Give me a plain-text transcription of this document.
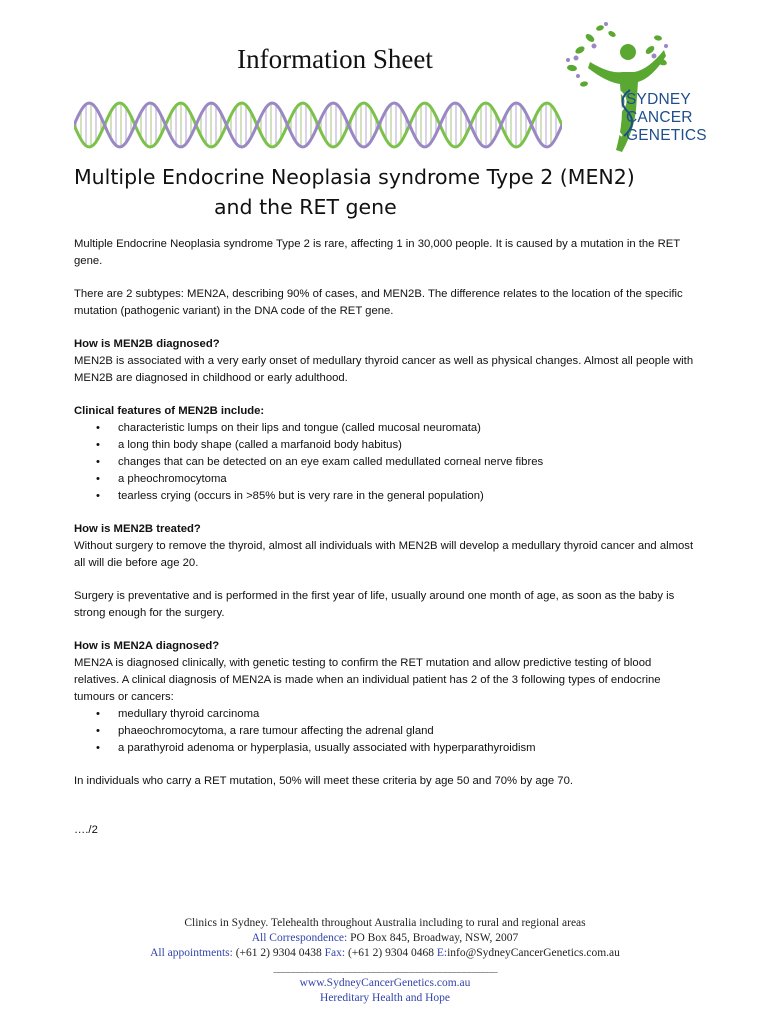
Information Sheet
SYDNEY
CANCER
GENETICS
Multiple Endocrine Neoplasia syndrome Type 2 (MEN2)
and the RET gene

Multiple Endocrine Neoplasia syndrome Type 2 is rare, affecting 1 in 30,000 people. It is caused by a mutation in the RET gene.

There are 2 subtypes: MEN2A, describing 90% of cases, and MEN2B. The difference relates to the location of the specific mutation (pathogenic variant) in the DNA code of the RET gene.

How is MEN2B diagnosed?

MEN2B is associated with a very early onset of medullary thyroid cancer as well as physical changes. Almost all people with MEN2B are diagnosed in childhood or early adulthood.

Clinical features of MEN2B include:

• characteristic lumps on their lips and tongue (called mucosal neuromata)
• a long thin body shape (called a marfanoid body habitus)
• changes that can be detected on an eye exam called medullated corneal nerve fibres
• a pheochromocytoma
• tearless crying (occurs in >85% but is very rare in the general population)

How is MEN2B treated?

Without surgery to remove the thyroid, almost all individuals with MEN2B will develop a medullary thyroid cancer and almost all will die before age 20.

Surgery is preventative and is performed in the first year of life, usually around one month of age, as soon as the baby is strong enough for the surgery.

How is MEN2A diagnosed?

MEN2A is diagnosed clinically, with genetic testing to confirm the RET mutation and allow predictive testing of blood relatives. A clinical diagnosis of MEN2A is made when an individual patient has 2 of the 3 following types of endocrine tumours or cancers:

• medullary thyroid carcinoma
• phaeochromocytoma, a rare tumour affecting the adrenal gland
• a parathyroid adenoma or hyperplasia, usually associated with hyperparathyroidism

In individuals who carry a RET mutation, 50% will meet these criteria by age 50 and 70% by age 70.

…./2

Clinics in Sydney. Telehealth throughout Australia including to rural and regional areas
All Correspondence: PO Box 845, Broadway, NSW, 2007
All appointments: (+61 2) 9304 0438 Fax: (+61 2) 9304 0468 E:info@SydneyCancerGenetics.com.au
_______________________________________________
www.SydneyCancerGenetics.com.au
Hereditary Health and Hope
